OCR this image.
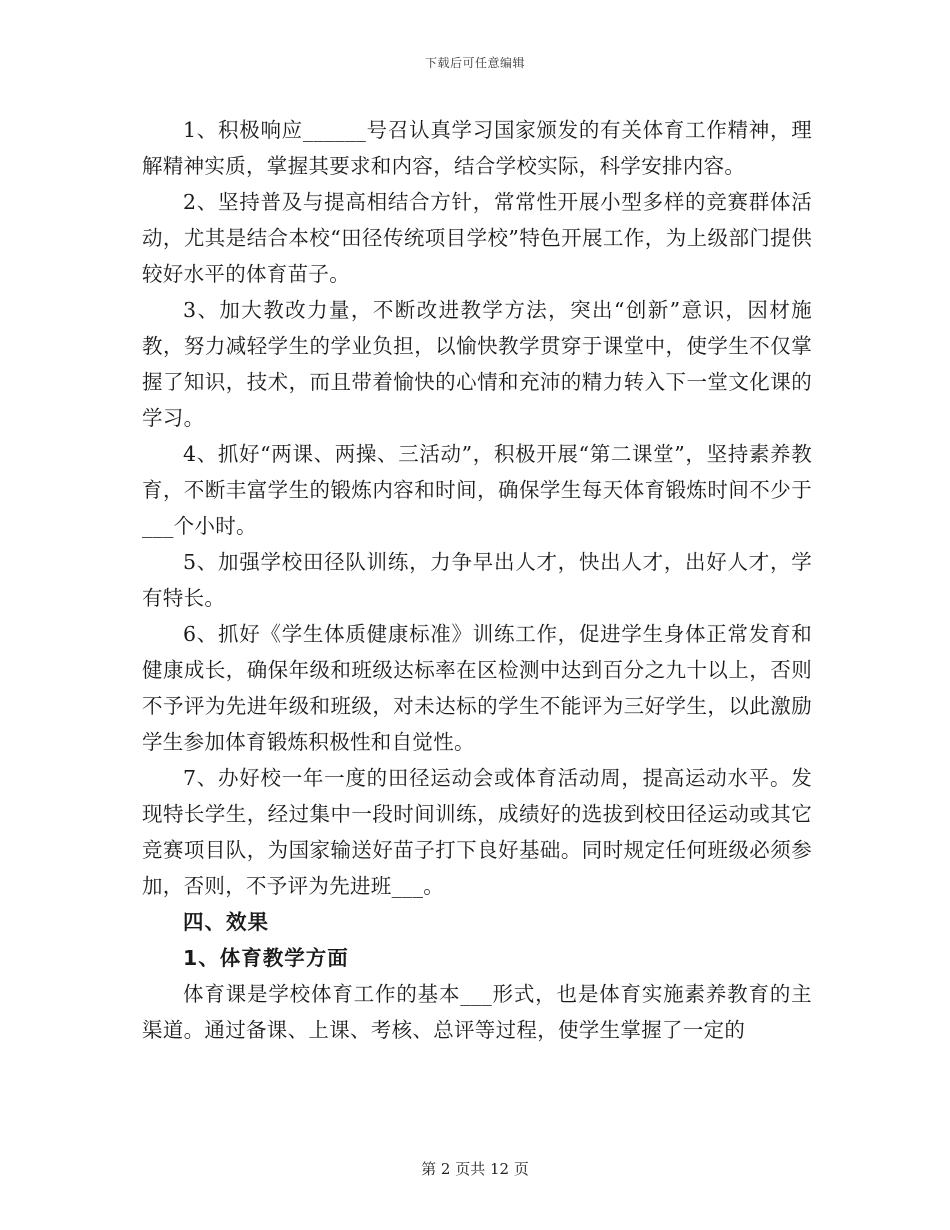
下载后可任意编辑

1、积极响应______号召认真学习国家颁发的有关体育工作精神，理解精神实质，掌握其要求和内容，结合学校实际，科学安排内容。

2、坚持普及与提高相结合方针，常常性开展小型多样的竞赛群体活动，尤其是结合本校“田径传统项目学校”特色开展工作，为上级部门提供较好水平的体育苗子。

3、加大教改力量，不断改进教学方法，突出“创新”意识，因材施教，努力减轻学生的学业负担，以愉快教学贯穿于课堂中，使学生不仅掌握了知识，技术，而且带着愉快的心情和充沛的精力转入下一堂文化课的学习。

4、抓好“两课、两操、三活动”，积极开展“第二课堂”，坚持素养教育，不断丰富学生的锻炼内容和时间，确保学生每天体育锻炼时间不少于___个小时。

5、加强学校田径队训练，力争早出人才，快出人才，出好人才，学有特长。

6、抓好《学生体质健康标准》训练工作，促进学生身体正常发育和健康成长，确保年级和班级达标率在区检测中达到百分之九十以上，否则不予评为先进年级和班级，对未达标的学生不能评为三好学生，以此激励学生参加体育锻炼积极性和自觉性。

7、办好校一年一度的田径运动会或体育活动周，提高运动水平。发现特长学生，经过集中一段时间训练，成绩好的选拔到校田径运动或其它竞赛项目队，为国家输送好苗子打下良好基础。同时规定任何班级必须参加，否则，不予评为先进班___。

四、效果
1、体育教学方面

体育课是学校体育工作的基本___形式，也是体育实施素养教育的主渠道。通过备课、上课、考核、总评等过程，使学生掌握了一定的

第 2 页共 12 页
